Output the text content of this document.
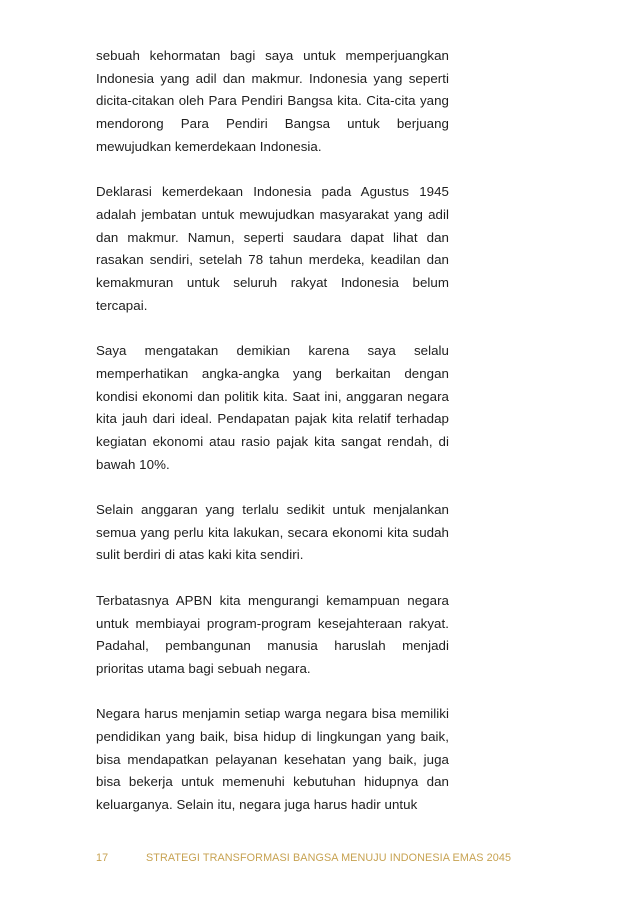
sebuah kehormatan bagi saya untuk memperjuangkan Indonesia yang adil dan makmur. Indonesia yang seperti dicita-citakan oleh Para Pendiri Bangsa kita. Cita-cita yang mendorong Para Pendiri Bangsa untuk berjuang mewujudkan kemerdekaan Indonesia.

Deklarasi kemerdekaan Indonesia pada Agustus 1945 adalah jembatan untuk mewujudkan masyarakat yang adil dan makmur. Namun, seperti saudara dapat lihat dan rasakan sendiri, setelah 78 tahun merdeka, keadilan dan kemakmuran untuk seluruh rakyat Indonesia belum tercapai.

Saya mengatakan demikian karena saya selalu memperhatikan angka-angka yang berkaitan dengan kondisi ekonomi dan politik kita. Saat ini, anggaran negara kita jauh dari ideal. Pendapatan pajak kita relatif terhadap kegiatan ekonomi atau rasio pajak kita sangat rendah, di bawah 10%.

Selain anggaran yang terlalu sedikit untuk menjalankan semua yang perlu kita lakukan, secara ekonomi kita sudah sulit berdiri di atas kaki kita sendiri.

Terbatasnya APBN kita mengurangi kemampuan negara untuk membiayai program-program kesejahteraan rakyat. Padahal, pembangunan manusia haruslah menjadi prioritas utama bagi sebuah negara.

Negara harus menjamin setiap warga negara bisa memiliki pendidikan yang baik, bisa hidup di lingkungan yang baik, bisa mendapatkan pelayanan kesehatan yang baik, juga bisa bekerja untuk memenuhi kebutuhan hidupnya dan keluarganya. Selain itu, negara juga harus hadir untuk

17	STRATEGI TRANSFORMASI BANGSA MENUJU INDONESIA EMAS 2045
